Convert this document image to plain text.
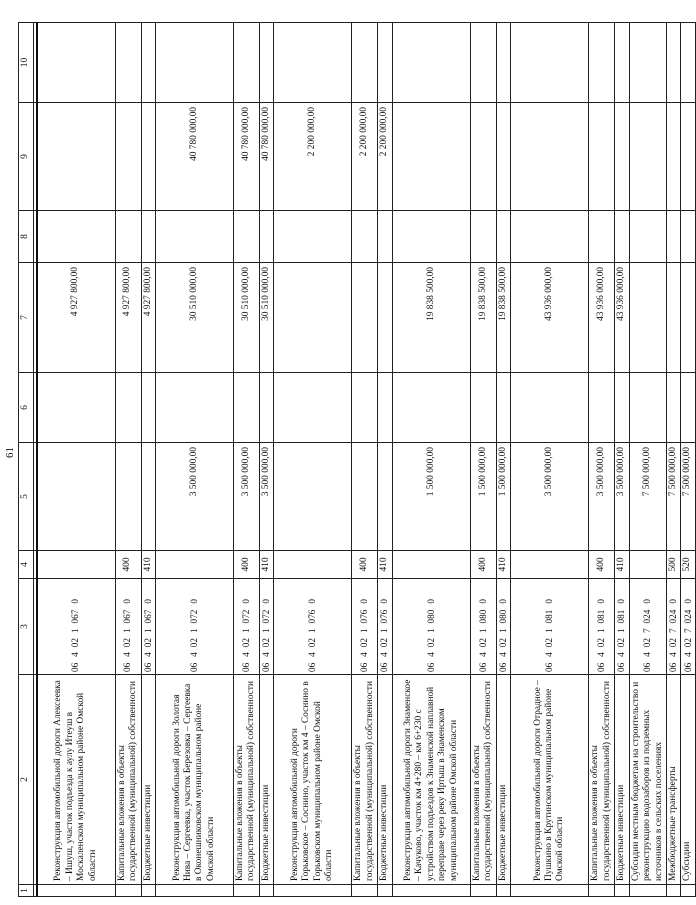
61
1	2	3	4	5	6	7	8	9	10

	Реконструкция автомобильной дороги Алексеевка – Ишуш, участок подъезда к аулу Итеуш в Москаленском муниципальном районе Омской области	0640210670				4 927 800,00			
	Капитальные вложения в объекты государственной (муниципальной) собственности	0640210670	400			4 927 800,00			
	Бюджетные инвестиции	0640210670	410			4 927 800,00			
	Реконструкция автомобильной дороги Золотая Нива – Сергеевка, участок Березовка – Сергеевка в Оконешниковском муниципальном районе Омской области	0640210720		3 500 000,00		30 510 000,00		40 780 000,00	
	Капитальные вложения в объекты государственной (муниципальной) собственности	0640210720	400	3 500 000,00		30 510 000,00		40 780 000,00	
	Бюджетные инвестиции	0640210720	410	3 500 000,00		30 510 000,00		40 780 000,00	
	Реконструкция автомобильной дороги Горьковское – Соснино, участок км 4 – Соснино в Горьковском муниципальном районе Омской области	0640210760						2 200 000,00	
	Капитальные вложения в объекты государственной (муниципальной) собственности	0640210760	400					2 200 000,00	
	Бюджетные инвестиции	0640210760	410					2 200 000,00	
	Реконструкция автомобильной дороги Знаменское – Качуково, участок км 4+280 – км 6+230 с устройством подъездов к Знаменской наплавной переправе через реку Иртыш в Знаменском муниципальном районе Омской области	0640210800		1 500 000,00		19 838 500,00			
	Капитальные вложения в объекты государственной (муниципальной) собственности	0640210800	400	1 500 000,00		19 838 500,00			
	Бюджетные инвестиции	0640210800	410	1 500 000,00		19 838 500,00			
	Реконструкция автомобильной дороги Отрадное – Пушкино в Крутинском муниципальном районе Омской области	0640210810		3 500 000,00		43 936 000,00			
	Капитальные вложения в объекты государственной (муниципальной) собственности	0640210810	400	3 500 000,00		43 936 000,00			
	Бюджетные инвестиции	0640210810	410	3 500 000,00		43 936 000,00			
	Субсидии местным бюджетам на строительство и реконструкцию водозаборов из подземных источников в сельских поселениях	0640270240		7 500 000,00					
	Межбюджетные трансферты	0640270240	500	7 500 000,00					
	Субсидии	0640270240	520	7 500 000,00					
